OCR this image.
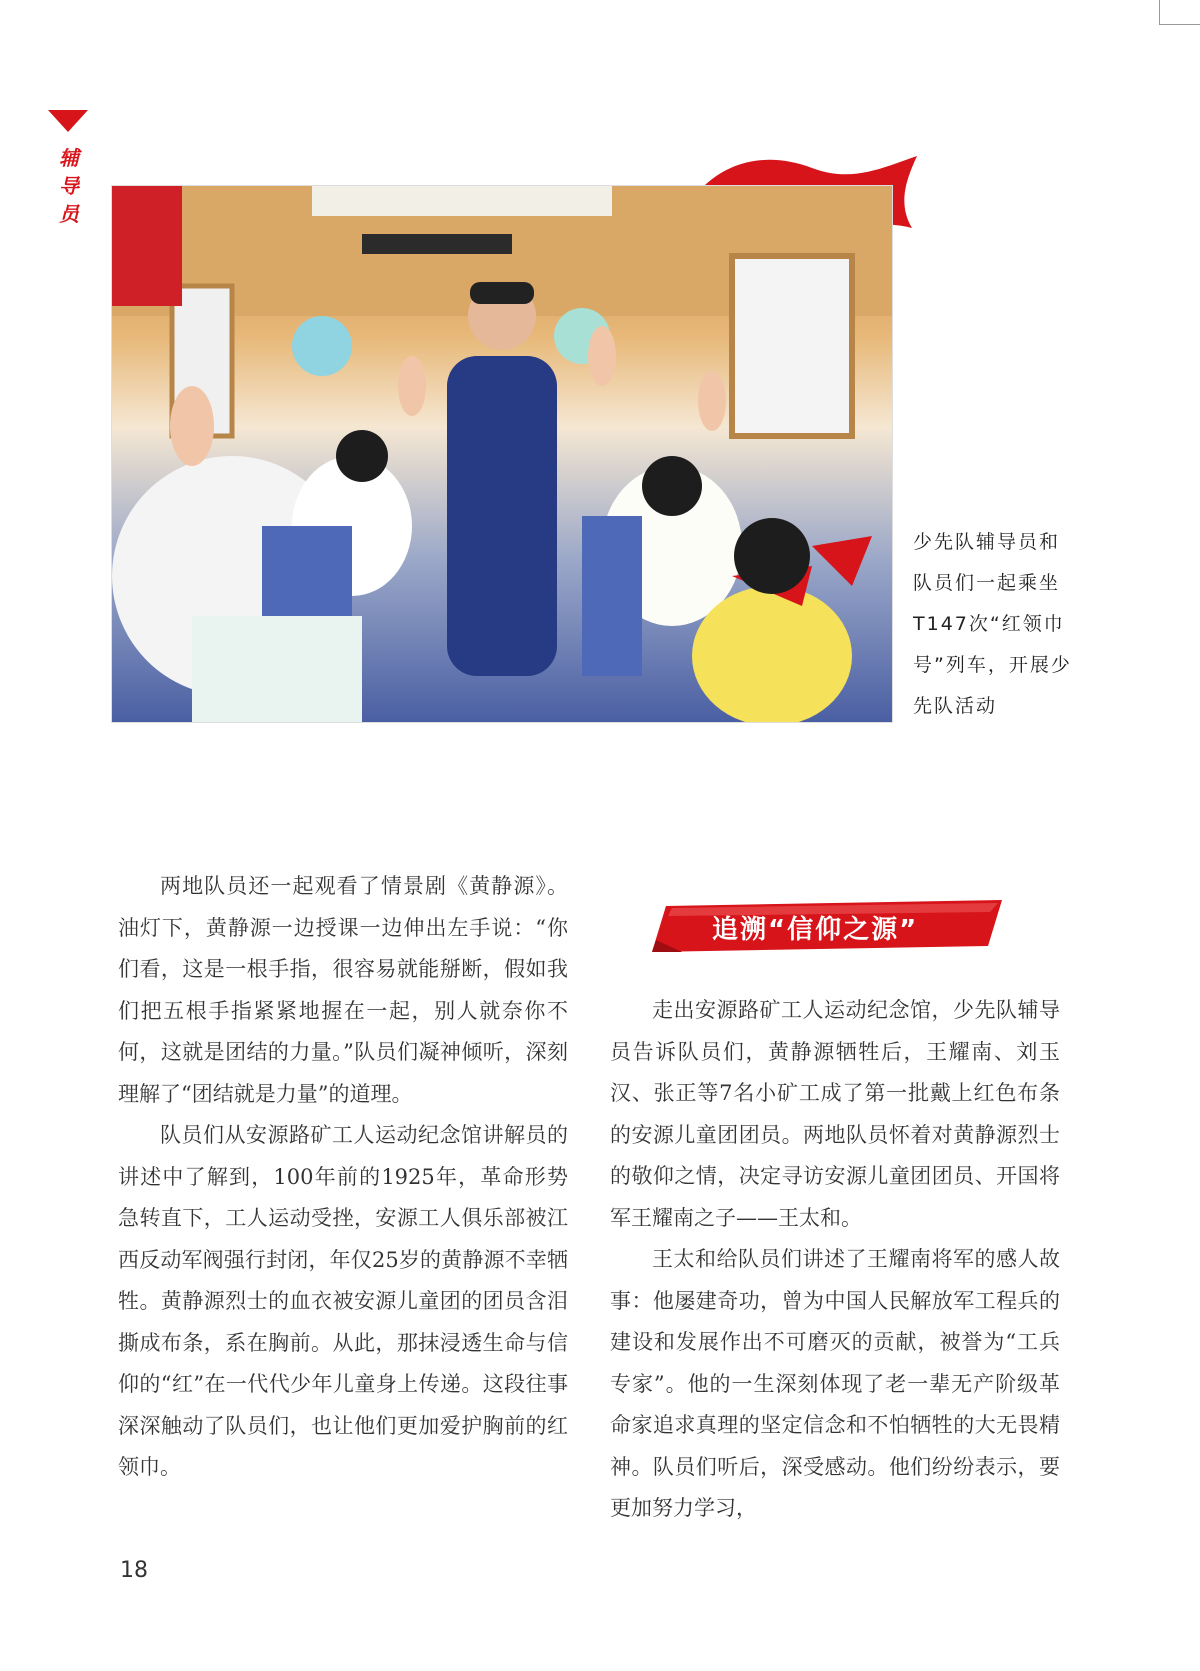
辅
导
员
少先队辅导员和队员们一起乘坐T147次“红领巾号”列车，开展少先队活动

两地队员还一起观看了情景剧《黄静源》。油灯下，黄静源一边授课一边伸出左手说：“你们看，这是一根手指，很容易就能掰断，假如我们把五根手指紧紧地握在一起，别人就奈你不何，这就是团结的力量。”队员们凝神倾听，深刻理解了“团结就是力量”的道理。

队员们从安源路矿工人运动纪念馆讲解员的讲述中了解到，100年前的1925年，革命形势急转直下，工人运动受挫，安源工人俱乐部被江西反动军阀强行封闭，年仅25岁的黄静源不幸牺牲。黄静源烈士的血衣被安源儿童团的团员含泪撕成布条，系在胸前。从此，那抹浸透生命与信仰的“红”在一代代少年儿童身上传递。这段往事深深触动了队员们，也让他们更加爱护胸前的红领巾。

追溯“信仰之源”

走出安源路矿工人运动纪念馆，少先队辅导员告诉队员们，黄静源牺牲后，王耀南、刘玉汉、张正等7名小矿工成了第一批戴上红色布条的安源儿童团团员。两地队员怀着对黄静源烈士的敬仰之情，决定寻访安源儿童团团员、开国将军王耀南之子——王太和。

王太和给队员们讲述了王耀南将军的感人故事：他屡建奇功，曾为中国人民解放军工程兵的建设和发展作出不可磨灭的贡献，被誉为“工兵专家”。他的一生深刻体现了老一辈无产阶级革命家追求真理的坚定信念和不怕牺牲的大无畏精神。队员们听后，深受感动。他们纷纷表示，要更加努力学习，

18
